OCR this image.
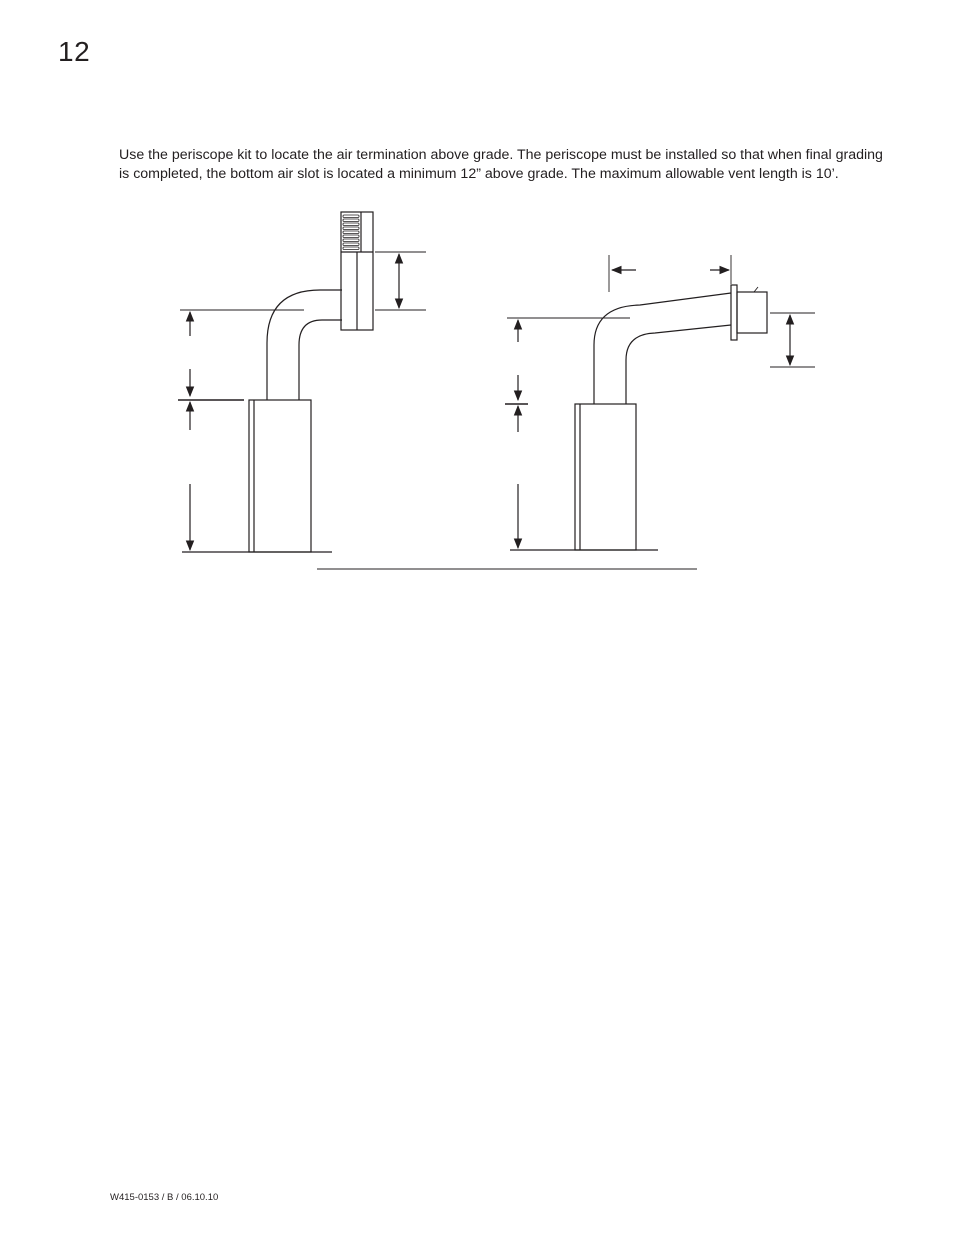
12

Use the periscope kit to locate the air termination above grade. The periscope must be installed so that when final grading is completed, the bottom air slot is located a minimum 12” above grade. The maximum allowable vent length is 10’.

W415-0153 / B / 06.10.10
